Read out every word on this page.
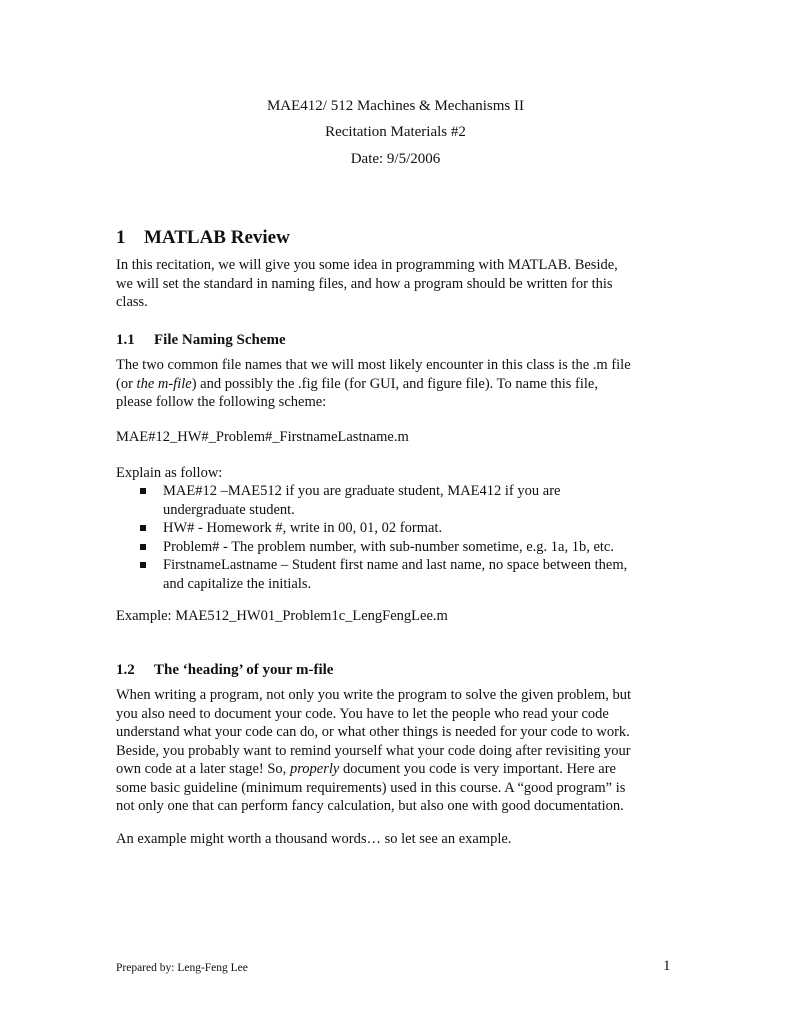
MAE412/ 512 Machines & Mechanisms II
Recitation Materials #2
Date: 9/5/2006
1 MATLAB Review
In this recitation, we will give you some idea in programming with MATLAB. Beside,
we will set the standard in naming files, and how a program should be written for this
class.
1.1 File Naming Scheme
The two common file names that we will most likely encounter in this class is the .m file
(or the m-file) and possibly the .fig file (for GUI, and figure file). To name this file,
please follow the following scheme:
MAE#12_HW#_Problem#_FirstnameLastname.m
Explain as follow:
MAE#12 –MAE512 if you are graduate student, MAE412 if you are
undergraduate student.
HW# - Homework #, write in 00, 01, 02 format.
Problem# - The problem number, with sub-number sometime, e.g. 1a, 1b, etc.
FirstnameLastname – Student first name and last name, no space between them,
and capitalize the initials.
Example: MAE512_HW01_Problem1c_LengFengLee.m
1.2 The ‘heading’ of your m-file
When writing a program, not only you write the program to solve the given problem, but
you also need to document your code. You have to let the people who read your code
understand what your code can do, or what other things is needed for your code to work.
Beside, you probably want to remind yourself what your code doing after revisiting your
own code at a later stage! So, properly document you code is very important. Here are
some basic guideline (minimum requirements) used in this course. A “good program” is
not only one that can perform fancy calculation, but also one with good documentation.
An example might worth a thousand words… so let see an example.
Prepared by: Leng-Feng Lee	1
